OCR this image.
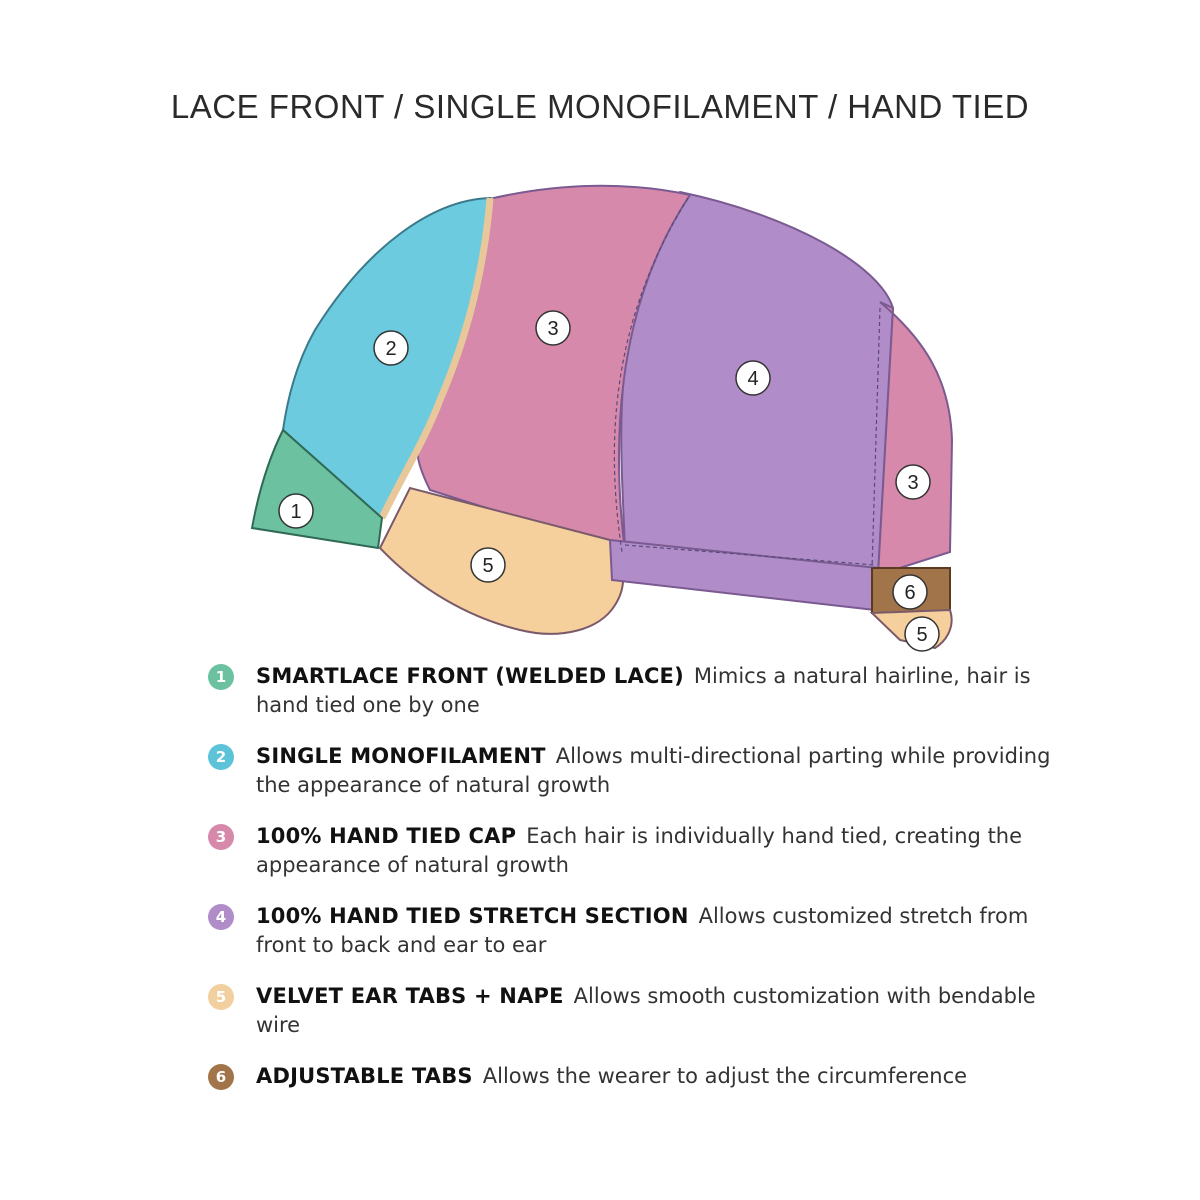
LACE FRONT / SINGLE MONOFILAMENT / HAND TIED
1
2
3
4
3
5
6
5
1	SMARTLACE FRONT (WELDED LACE) Mimics a natural hairline, hair is hand tied one by one
2	SINGLE MONOFILAMENT Allows multi-directional parting while providing the appearance of natural growth
3	100% HAND TIED CAP Each hair is individually hand tied, creating the appearance of natural growth
4	100% HAND TIED STRETCH SECTION Allows customized stretch from front to back and ear to ear
5	VELVET EAR TABS + NAPE Allows smooth customization with bendable wire
6	ADJUSTABLE TABS Allows the wearer to adjust the circumference
